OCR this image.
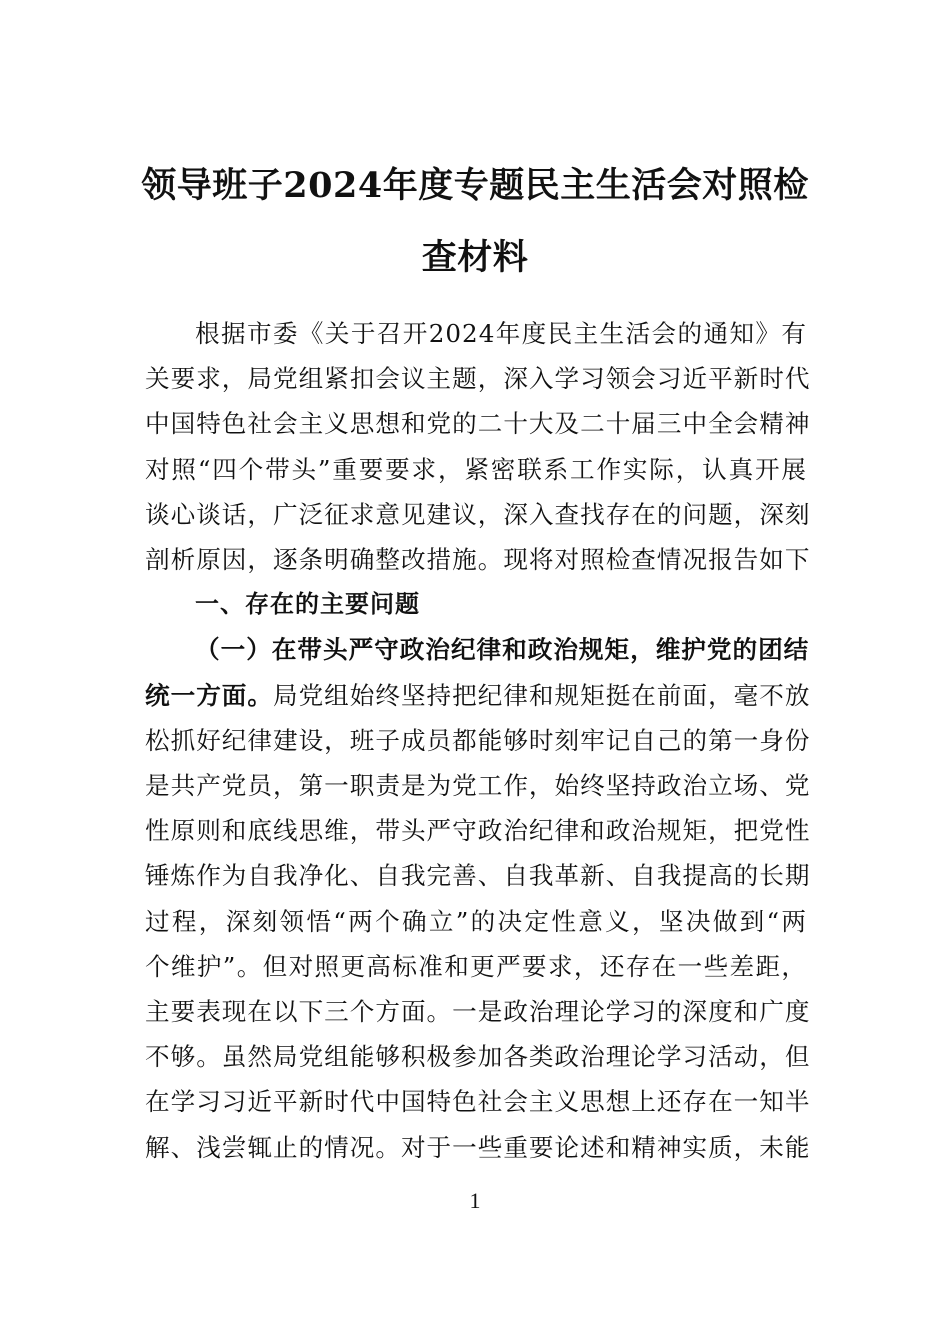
领导班子2024年度专题民主生活会对照检
查材料
根据市委《关于召开2024年度民主生活会的通知》有
关要求，局党组紧扣会议主题，深入学习领会习近平新时代
中国特色社会主义思想和党的二十大及二十届三中全会精神
对照“四个带头”重要要求，紧密联系工作实际，认真开展
谈心谈话，广泛征求意见建议，深入查找存在的问题，深刻
剖析原因，逐条明确整改措施。现将对照检查情况报告如下
一、存在的主要问题
（一）在带头严守政治纪律和政治规矩，维护党的团结
统一方面。局党组始终坚持把纪律和规矩挺在前面，毫不放
松抓好纪律建设，班子成员都能够时刻牢记自己的第一身份
是共产党员，第一职责是为党工作，始终坚持政治立场、党
性原则和底线思维，带头严守政治纪律和政治规矩，把党性
锤炼作为自我净化、自我完善、自我革新、自我提高的长期
过程，深刻领悟“两个确立”的决定性意义，坚决做到“两
个维护”。但对照更高标准和更严要求，还存在一些差距，
主要表现在以下三个方面。一是政治理论学习的深度和广度
不够。虽然局党组能够积极参加各类政治理论学习活动，但
在学习习近平新时代中国特色社会主义思想上还存在一知半
解、浅尝辄止的情况。对于一些重要论述和精神实质，未能
1
